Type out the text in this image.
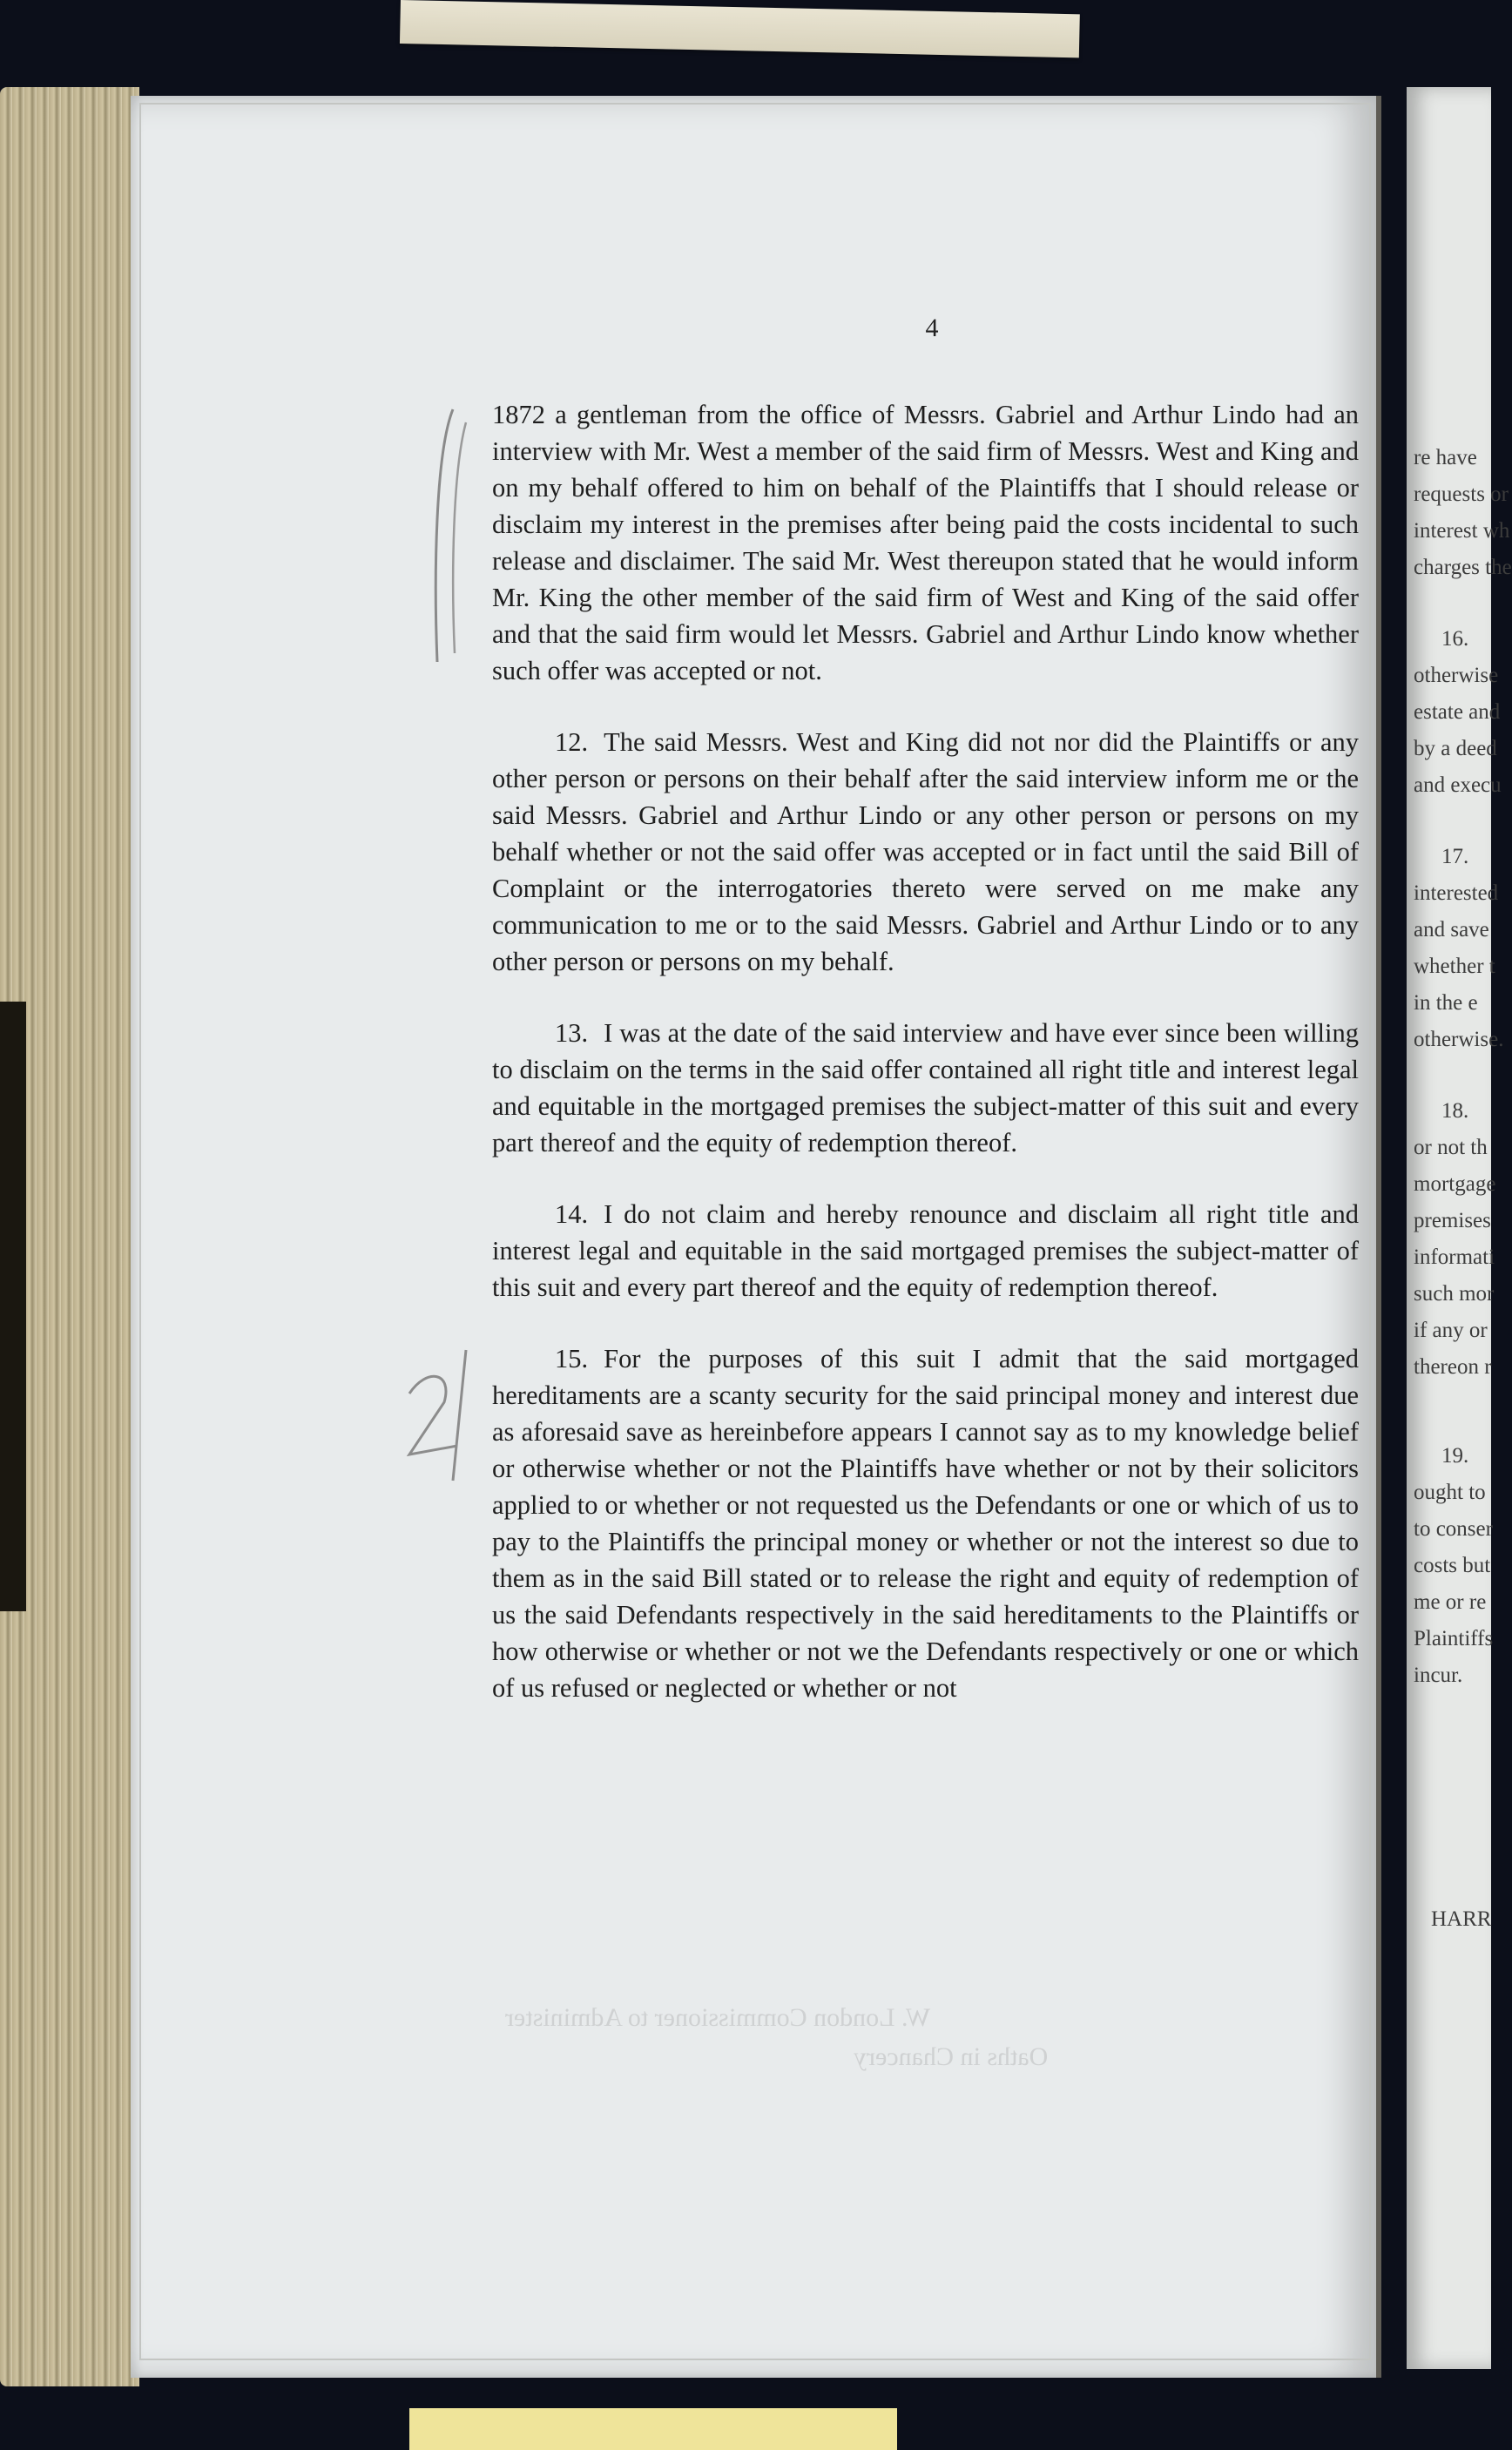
W. London Commissioner to Administer
Oaths in Chancery
4

1872 a gentleman from the office of Messrs. Gabriel and Arthur Lindo had an interview with Mr. West a member of the said firm of Messrs. West and King and on my behalf offered to him on behalf of the Plaintiffs that I should release or disclaim my interest in the premises after being paid the costs incidental to such release and disclaimer. The said Mr. West thereupon stated that he would inform Mr. King the other member of the said firm of West and King of the said offer and that the said firm would let Messrs. Gabriel and Arthur Lindo know whether such offer was accepted or not.

12. The said Messrs. West and King did not nor did the Plaintiffs or any other person or persons on their behalf after the said interview inform me or the said Messrs. Gabriel and Arthur Lindo or any other person or persons on my behalf whether or not the said offer was accepted or in fact until the said Bill of Complaint or the interrogatories thereto were served on me make any communication to me or to the said Messrs. Gabriel and Arthur Lindo or to any other person or persons on my behalf.

13. I was at the date of the said interview and have ever since been willing to disclaim on the terms in the said offer contained all right title and interest legal and equitable in the mortgaged premises the subject-matter of this suit and every part thereof and the equity of redemption thereof.

14. I do not claim and hereby renounce and disclaim all right title and interest legal and equitable in the said mortgaged premises the subject-matter of this suit and every part thereof and the equity of redemption thereof.

15. For the purposes of this suit I admit that the said mortgaged hereditaments are a scanty security for the said principal money and interest due as aforesaid save as hereinbefore appears I cannot say as to my knowledge belief or otherwise whether or not the Plaintiffs have whether or not by their solicitors applied to or whether or not requested us the Defendants or one or which of us to pay to the Plaintiffs the principal money or whether or not the interest so due to them as in the said Bill stated or to release the right and equity of redemption of us the said Defendants respectively in the said hereditaments to the Plaintiffs or how otherwise or whether or not we the Defendants respectively or one or which of us refused or neglected or whether or not

re have
requests or
interest wh
charges the
16.
otherwise
estate and
by a deed
and execu
17.
interested
and save
whether t
in the e
otherwise.
18.
or not th
mortgage
premises
informati
such mor
if any or
thereon r
19.
ought to
to conser
costs but
me or re
Plaintiffs
incur.
HARR
